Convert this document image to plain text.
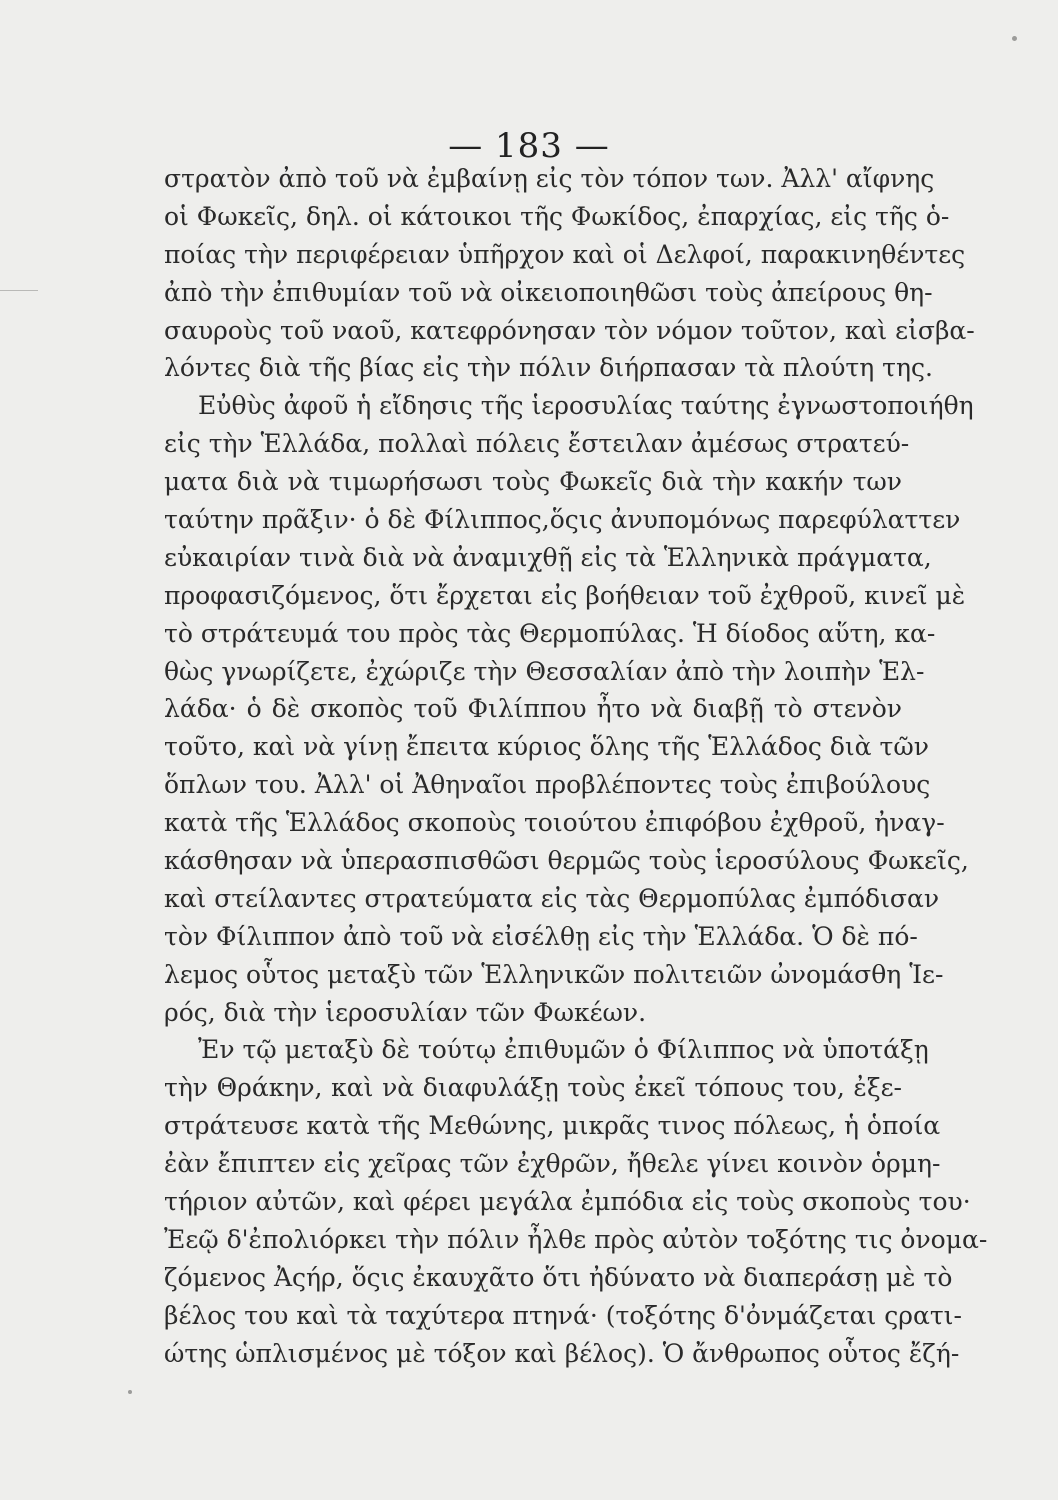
— 183 —
στρατὸν ἀπὸ τοῦ νὰ ἐμβαίνῃ εἰς τὸν τόπον των. Ἀλλ' αἴφνης
οἱ Φωκεῖς, δηλ. οἱ κάτοικοι τῆς Φωκίδος, ἐπαρχίας, εἰς τῆς ὁ-
ποίας τὴν περιφέρειαν ὑπῆρχον καὶ οἱ Δελφοί, παρακινηθέντες
ἀπὸ τὴν ἐπιθυμίαν τοῦ νὰ οἰκειοποιηθῶσι τοὺς ἀπείρους θη-
σαυροὺς τοῦ ναοῦ, κατεφρόνησαν τὸν νόμον τοῦτον, καὶ εἰσβα-
λόντες διὰ τῆς βίας εἰς τὴν πόλιν διήρπασαν τὰ πλούτη της.
Εὐθὺς ἀφοῦ ἡ εἴδησις τῆς ἱεροσυλίας ταύτης ἐγνωστοποιήθη
εἰς τὴν Ἑλλάδα, πολλαὶ πόλεις ἔστειλαν ἀμέσως στρατεύ-
ματα διὰ νὰ τιμωρήσωσι τοὺς Φωκεῖς διὰ τὴν κακήν των
ταύτην πρᾶξιν· ὁ δὲ Φίλιππος,ὅςις ἀνυπομόνως παρεφύλαττεν
εὐκαιρίαν τινὰ διὰ νὰ ἀναμιχθῇ εἰς τὰ Ἑλληνικὰ πράγματα,
προφασιζόμενος, ὅτι ἔρχεται εἰς βοήθειαν τοῦ ἐχθροῦ, κινεῖ μὲ
τὸ στράτευμά του πρὸς τὰς Θερμοπύλας. Ἡ δίοδος αὕτη, κα-
θὼς γνωρίζετε, ἐχώριζε τὴν Θεσσαλίαν ἀπὸ τὴν λοιπὴν Ἑλ-
λάδα· ὁ δὲ σκοπὸς τοῦ Φιλίππου ἦτο νὰ διαβῇ τὸ στενὸν
τοῦτο, καὶ νὰ γίνῃ ἔπειτα κύριος ὅλης τῆς Ἑλλάδος διὰ τῶν
ὅπλων του. Ἀλλ' οἱ Ἀθηναῖοι προβλέποντες τοὺς ἐπιβούλους
κατὰ τῆς Ἑλλάδος σκοποὺς τοιούτου ἐπιφόβου ἐχθροῦ, ἠναγ-
κάσθησαν νὰ ὑπερασπισθῶσι θερμῶς τοὺς ἱεροσύλους Φωκεῖς,
καὶ στείλαντες στρατεύματα εἰς τὰς Θερμοπύλας ἐμπόδισαν
τὸν Φίλιππον ἀπὸ τοῦ νὰ εἰσέλθῃ εἰς τὴν Ἑλλάδα. Ὁ δὲ πό-
λεμος οὗτος μεταξὺ τῶν Ἑλληνικῶν πολιτειῶν ὠνομάσθη Ἱε-
ρός, διὰ τὴν ἱεροσυλίαν τῶν Φωκέων.
Ἐν τῷ μεταξὺ δὲ τούτῳ ἐπιθυμῶν ὁ Φίλιππος νὰ ὑποτάξῃ
τὴν Θράκην, καὶ νὰ διαφυλάξῃ τοὺς ἐκεῖ τόπους του, ἐξε-
στράτευσε κατὰ τῆς Μεθώνης, μικρᾶς τινος πόλεως, ἡ ὁποία
ἐὰν ἔπιπτεν εἰς χεῖρας τῶν ἐχθρῶν, ἤθελε γίνει κοινὸν ὁρμη-
τήριον αὐτῶν, καὶ φέρει μεγάλα ἐμπόδια εἰς τοὺς σκοποὺς του·
Ἐεῷ δ'ἐπολιόρκει τὴν πόλιν ἦλθε πρὸς αὐτὸν τοξότης τις ὀνομα-
ζόμενος Ἀςήρ, ὅςις ἐκαυχᾶτο ὅτι ἠδύνατο νὰ διαπεράσῃ μὲ τὸ
βέλος του καὶ τὰ ταχύτερα πτηνά· (τοξότης δ'ὀνμάζεται ςρατι-
ώτης ὡπλισμένος μὲ τόξον καὶ βέλος). Ὁ ἄνθρωπος οὗτος ἔζή-
